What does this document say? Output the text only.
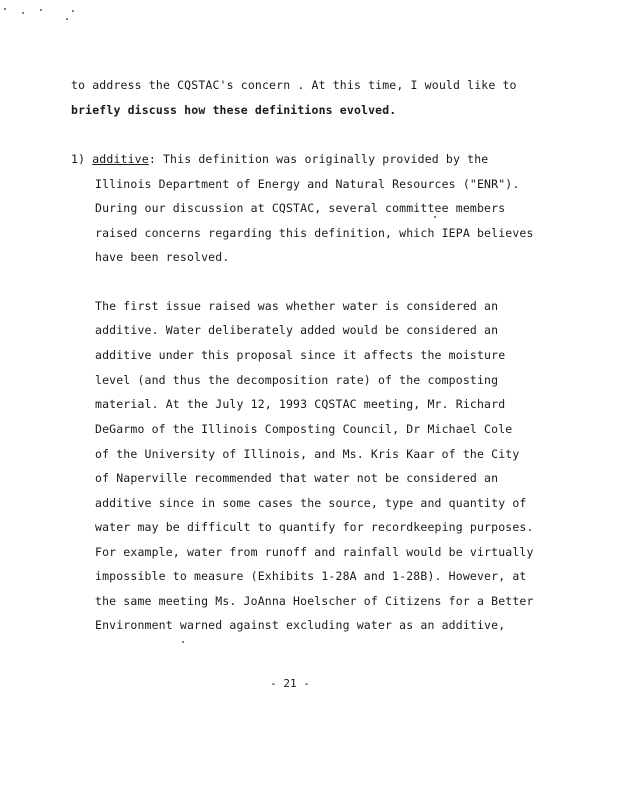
to address the CQSTAC's concern . At this time, I would like to
briefly discuss how these definitions evolved.
1) additive: This definition was originally provided by the
Illinois Department of Energy and Natural Resources ("ENR").
During our discussion at CQSTAC, several committee members
raised concerns regarding this definition, which IEPA believes
have been resolved.
The first issue raised was whether water is considered an
additive. Water deliberately added would be considered an
additive under this proposal since it affects the moisture
level (and thus the decomposition rate) of the composting
material. At the July 12, 1993 CQSTAC meeting, Mr. Richard
DeGarmo of the Illinois Composting Council, Dr Michael Cole
of the University of Illinois, and Ms. Kris Kaar of the City
of Naperville recommended that water not be considered an
additive since in some cases the source, type and quantity of
water may be difficult to quantify for recordkeeping purposes.
For example, water from runoff and rainfall would be virtually
impossible to measure (Exhibits 1-28A and 1-28B). However, at
the same meeting Ms. JoAnna Hoelscher of Citizens for a Better
Environment warned against excluding water as an additive,
- 21 -
